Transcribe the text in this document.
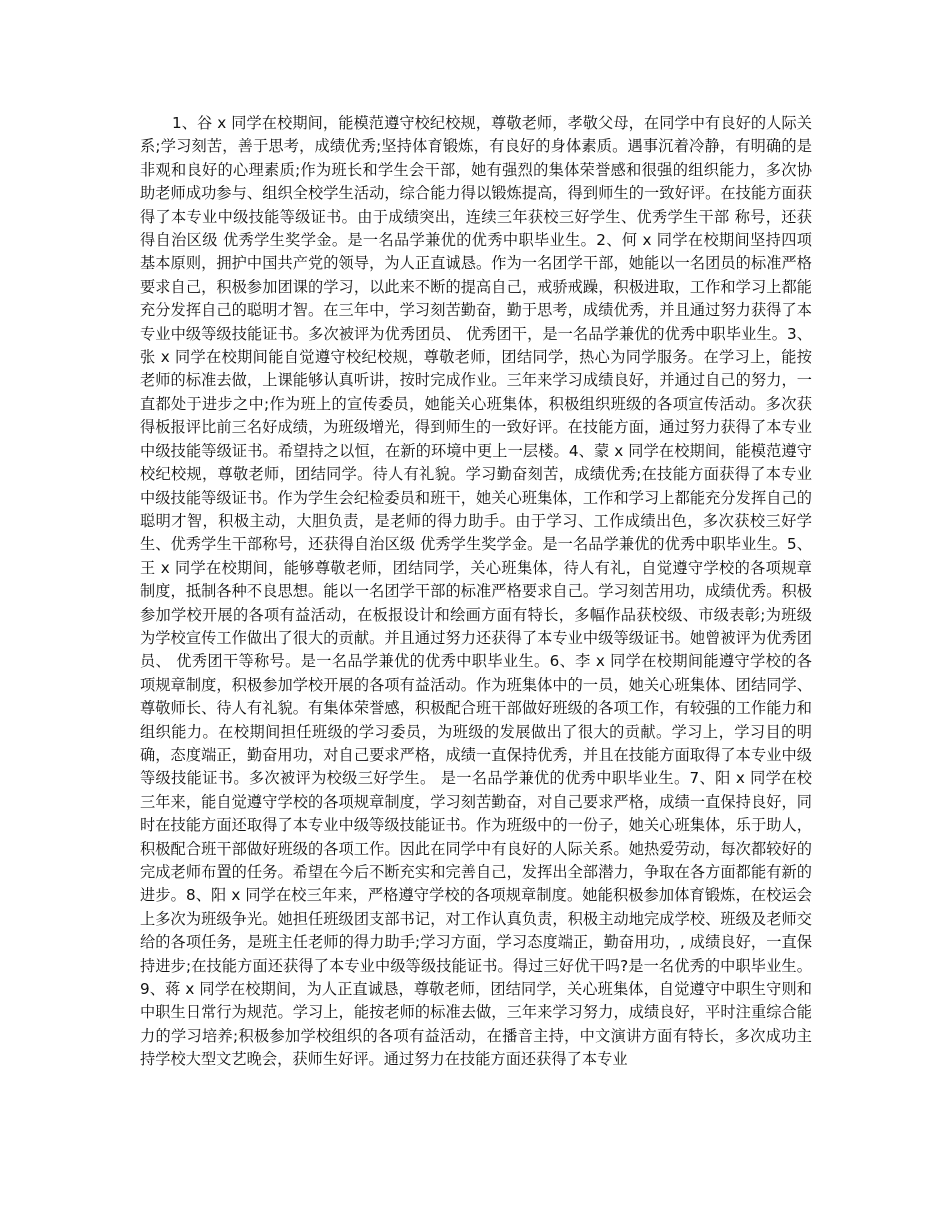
1、谷 x 同学在校期间，能模范遵守校纪校规，尊敬老师，孝敬父母，在同学中有良好的人际关系;学习刻苦，善于思考，成绩优秀;坚持体育锻炼，有良好的身体素质。遇事沉着冷静，有明确的是非观和良好的心理素质;作为班长和学生会干部，她有强烈的集体荣誉感和很强的组织能力，多次协助老师成功参与、组织全校学生活动，综合能力得以锻炼提高，得到师生的一致好评。在技能方面获得了本专业中级技能等级证书。由于成绩突出，连续三年获校三好学生、优秀学生干部 称号，还获得自治区级 优秀学生奖学金。是一名品学兼优的优秀中职毕业生。2、何 x 同学在校期间坚持四项基本原则，拥护中国共产党的领导，为人正直诚恳。作为一名团学干部，她能以一名团员的标准严格要求自己，积极参加团课的学习，以此来不断的提高自己，戒骄戒躁，积极进取，工作和学习上都能充分发挥自己的聪明才智。在三年中，学习刻苦勤奋，勤于思考，成绩优秀，并且通过努力获得了本专业中级等级技能证书。多次被评为优秀团员、 优秀团干，是一名品学兼优的优秀中职毕业生。3、张 x 同学在校期间能自觉遵守校纪校规，尊敬老师，团结同学，热心为同学服务。在学习上，能按老师的标准去做，上课能够认真听讲，按时完成作业。三年来学习成绩良好，并通过自己的努力，一直都处于进步之中;作为班上的宣传委员，她能关心班集体，积极组织班级的各项宣传活动。多次获得板报评比前三名好成绩，为班级增光，得到师生的一致好评。在技能方面，通过努力获得了本专业中级技能等级证书。希望持之以恒，在新的环境中更上一层楼。4、蒙 x 同学在校期间，能模范遵守校纪校规，尊敬老师，团结同学。待人有礼貌。学习勤奋刻苦，成绩优秀;在技能方面获得了本专业中级技能等级证书。作为学生会纪检委员和班干，她关心班集体，工作和学习上都能充分发挥自己的聪明才智，积极主动，大胆负责，是老师的得力助手。由于学习、工作成绩出色，多次获校三好学生、优秀学生干部称号，还获得自治区级 优秀学生奖学金。是一名品学兼优的优秀中职毕业生。5、王 x 同学在校期间，能够尊敬老师，团结同学，关心班集体，待人有礼，自觉遵守学校的各项规章制度，抵制各种不良思想。能以一名团学干部的标准严格要求自己。学习刻苦用功，成绩优秀。积极参加学校开展的各项有益活动，在板报设计和绘画方面有特长，多幅作品获校级、市级表彰;为班级为学校宣传工作做出了很大的贡献。并且通过努力还获得了本专业中级等级证书。她曾被评为优秀团员、 优秀团干等称号。是一名品学兼优的优秀中职毕业生。6、李 x 同学在校期间能遵守学校的各项规章制度，积极参加学校开展的各项有益活动。作为班集体中的一员，她关心班集体、团结同学、尊敬师长、待人有礼貌。有集体荣誉感，积极配合班干部做好班级的各项工作，有较强的工作能力和组织能力。在校期间担任班级的学习委员，为班级的发展做出了很大的贡献。学习上，学习目的明确，态度端正，勤奋用功，对自己要求严格，成绩一直保持优秀，并且在技能方面取得了本专业中级等级技能证书。多次被评为校级三好学生。 是一名品学兼优的优秀中职毕业生。7、阳 x 同学在校三年来，能自觉遵守学校的各项规章制度，学习刻苦勤奋，对自己要求严格，成绩一直保持良好，同时在技能方面还取得了本专业中级等级技能证书。作为班级中的一份子，她关心班集体，乐于助人，积极配合班干部做好班级的各项工作。因此在同学中有良好的人际关系。她热爱劳动，每次都较好的完成老师布置的任务。希望在今后不断充实和完善自己，发挥出全部潜力，争取在各方面都能有新的进步。8、阳 x 同学在校三年来，严格遵守学校的各项规章制度。她能积极参加体育锻炼，在校运会上多次为班级争光。她担任班级团支部书记，对工作认真负责，积极主动地完成学校、班级及老师交给的各项任务，是班主任老师的得力助手;学习方面，学习态度端正，勤奋用功，, 成绩良好，一直保持进步;在技能方面还获得了本专业中级等级技能证书。得过三好优干吗?是一名优秀的中职毕业生。9、蒋 x 同学在校期间，为人正直诚恳，尊敬老师，团结同学，关心班集体，自觉遵守中职生守则和中职生日常行为规范。学习上，能按老师的标准去做，三年来学习努力，成绩良好，平时注重综合能力的学习培养;积极参加学校组织的各项有益活动，在播音主持，中文演讲方面有特长，多次成功主持学校大型文艺晚会，获师生好评。通过努力在技能方面还获得了本专业
